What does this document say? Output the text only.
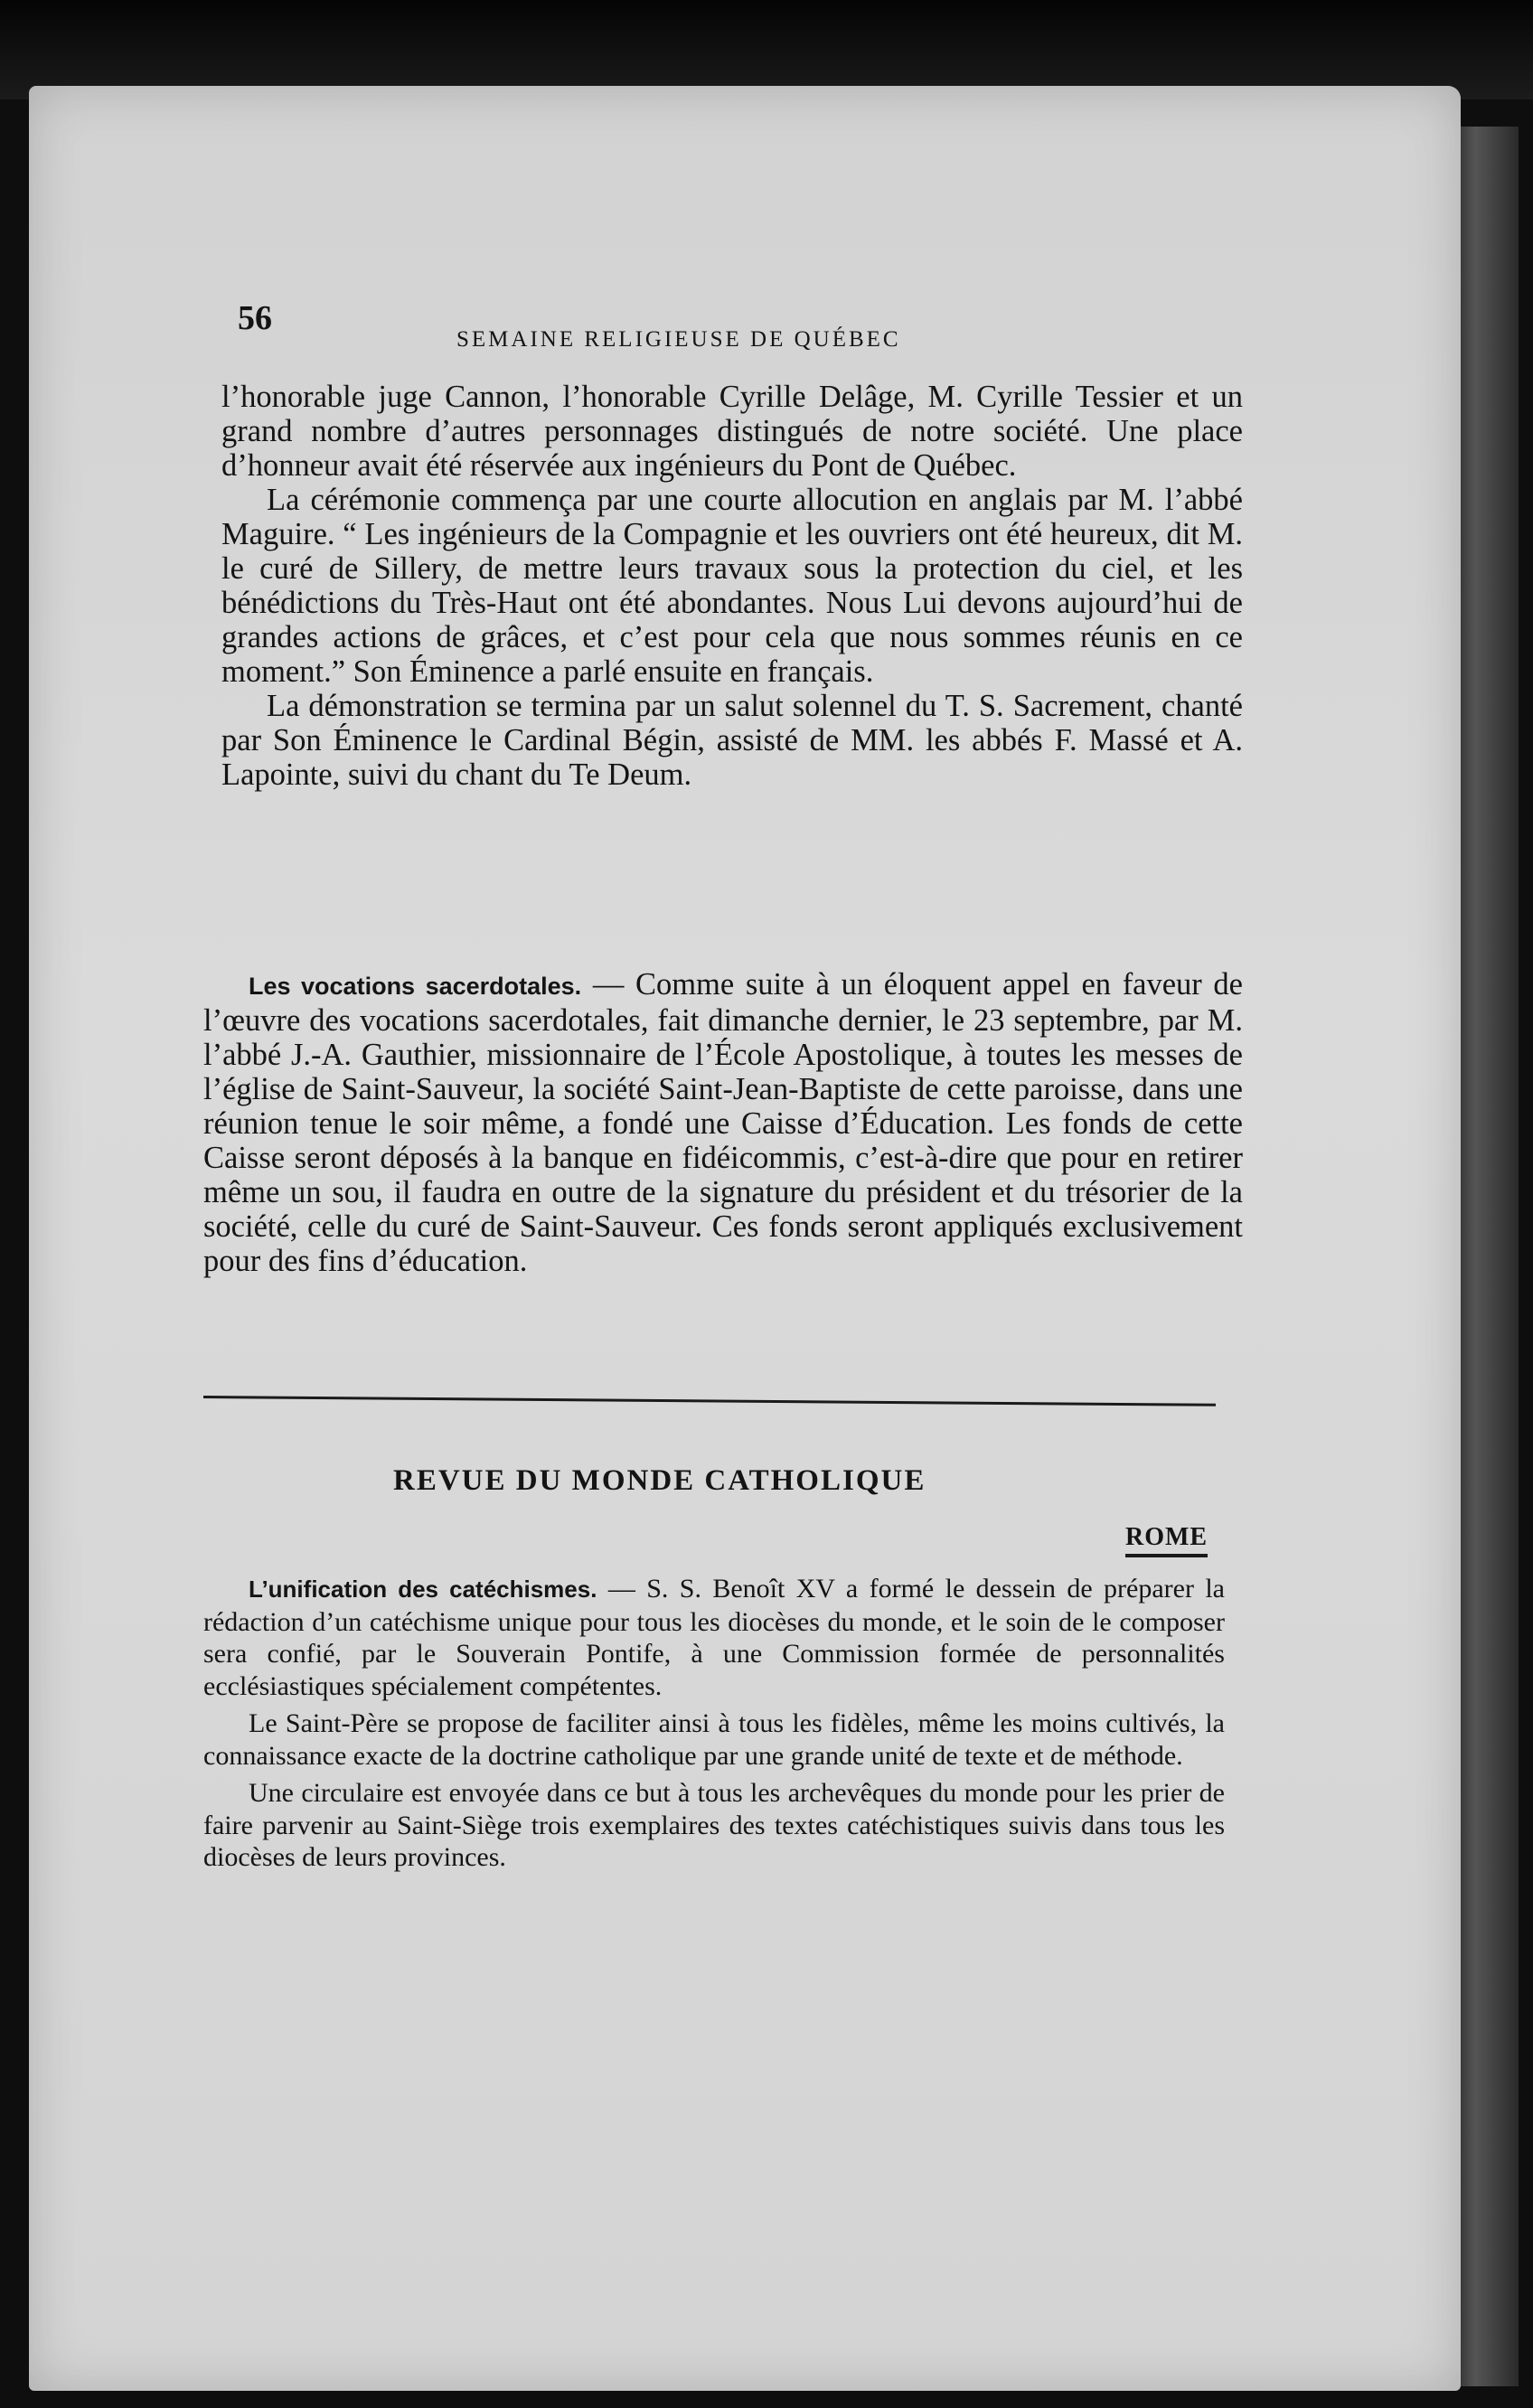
56
SEMAINE RELIGIEUSE DE QUÉBEC

l’honorable juge Cannon, l’honorable Cyrille Delâge, M. Cyrille Tessier et un grand nombre d’autres personnages distingués de notre société. Une place d’honneur avait été réservée aux ingénieurs du Pont de Québec.

La cérémonie commença par une courte allocution en anglais par M. l’abbé Maguire. “ Les ingénieurs de la Compagnie et les ouvriers ont été heureux, dit M. le curé de Sillery, de mettre leurs travaux sous la protection du ciel, et les bénédictions du Très-Haut ont été abondantes. Nous Lui devons aujourd’hui de grandes actions de grâces, et c’est pour cela que nous sommes réunis en ce moment.” Son Éminence a parlé ensuite en français.

La démonstration se termina par un salut solennel du T. S. Sacrement, chanté par Son Éminence le Cardinal Bégin, assisté de MM. les abbés F. Massé et A. Lapointe, suivi du chant du Te Deum.

Les vocations sacerdotales. — Comme suite à un éloquent appel en faveur de l’œuvre des vocations sacerdotales, fait dimanche dernier, le 23 septembre, par M. l’abbé J.-A. Gauthier, missionnaire de l’École Apostolique, à toutes les messes de l’église de Saint-Sauveur, la société Saint-Jean-Baptiste de cette paroisse, dans une réunion tenue le soir même, a fondé une Caisse d’Éducation. Les fonds de cette Caisse seront déposés à la banque en fidéicommis, c’est-à-dire que pour en retirer même un sou, il faudra en outre de la signature du président et du trésorier de la société, celle du curé de Saint-Sauveur. Ces fonds seront appliqués exclusivement pour des fins d’éducation.

REVUE DU MONDE CATHOLIQUE
ROME

L’unification des catéchismes. — S. S. Benoît XV a formé le dessein de préparer la rédaction d’un catéchisme unique pour tous les diocèses du monde, et le soin de le composer sera confié, par le Souverain Pontife, à une Commission formée de personnalités ecclésiastiques spécialement compétentes.

Le Saint-Père se propose de faciliter ainsi à tous les fidèles, même les moins cultivés, la connaissance exacte de la doctrine catholique par une grande unité de texte et de méthode.

Une circulaire est envoyée dans ce but à tous les archevêques du monde pour les prier de faire parvenir au Saint-Siège trois exemplaires des textes catéchistiques suivis dans tous les diocèses de leurs provinces.
